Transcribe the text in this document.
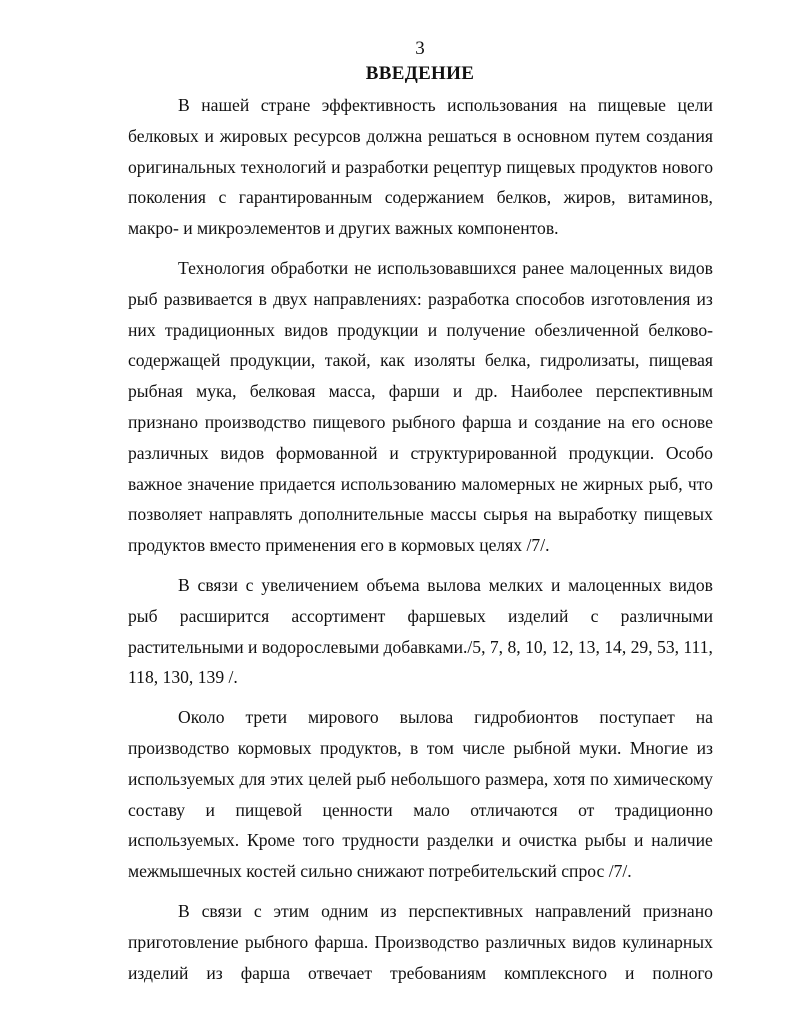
3
ВВЕДЕНИЕ
В нашей стране эффективность использования на пищевые цели
белковых и жировых ресурсов должна решаться в основном путем создания
оригинальных технологий и разработки рецептур пищевых продуктов нового
поколения с гарантированным содержанием белков, жиров, витаминов,
макро- и микроэлементов и других важных компонентов.
Технология обработки не использовавшихся ранее малоценных видов
рыб развивается в двух направлениях: разработка способов изготовления из
них традиционных видов продукции и получение обезличенной белково-
содержащей продукции, такой, как изоляты белка, гидролизаты, пищевая
рыбная мука, белковая масса, фарши и др. Наиболее перспективным
признано производство пищевого рыбного фарша и создание на его основе
различных видов формованной и структурированной продукции. Особо
важное значение придается использованию маломерных не жирных рыб, что
позволяет направлять дополнительные массы сырья на выработку пищевых
продуктов вместо применения его в кормовых целях /7/.
В связи с увеличением объема вылова мелких и малоценных видов
рыб расширится ассортимент фаршевых изделий с различными
растительными и водорослевыми добавками./5, 7, 8, 10, 12, 13, 14, 29, 53, 111,
118, 130, 139 /.
Около трети мирового вылова гидробионтов поступает на
производство кормовых продуктов, в том числе рыбной муки. Многие из
используемых для этих целей рыб небольшого размера, хотя по химическому
составу и пищевой ценности мало отличаются от традиционно
используемых. Кроме того трудности разделки и очистка рыбы и наличие
межмышечных костей сильно снижают потребительский спрос /7/.
В связи с этим одним из перспективных направлений признано
приготовление рыбного фарша. Производство различных видов кулинарных
изделий из фарша отвечает требованиям комплексного и полного
